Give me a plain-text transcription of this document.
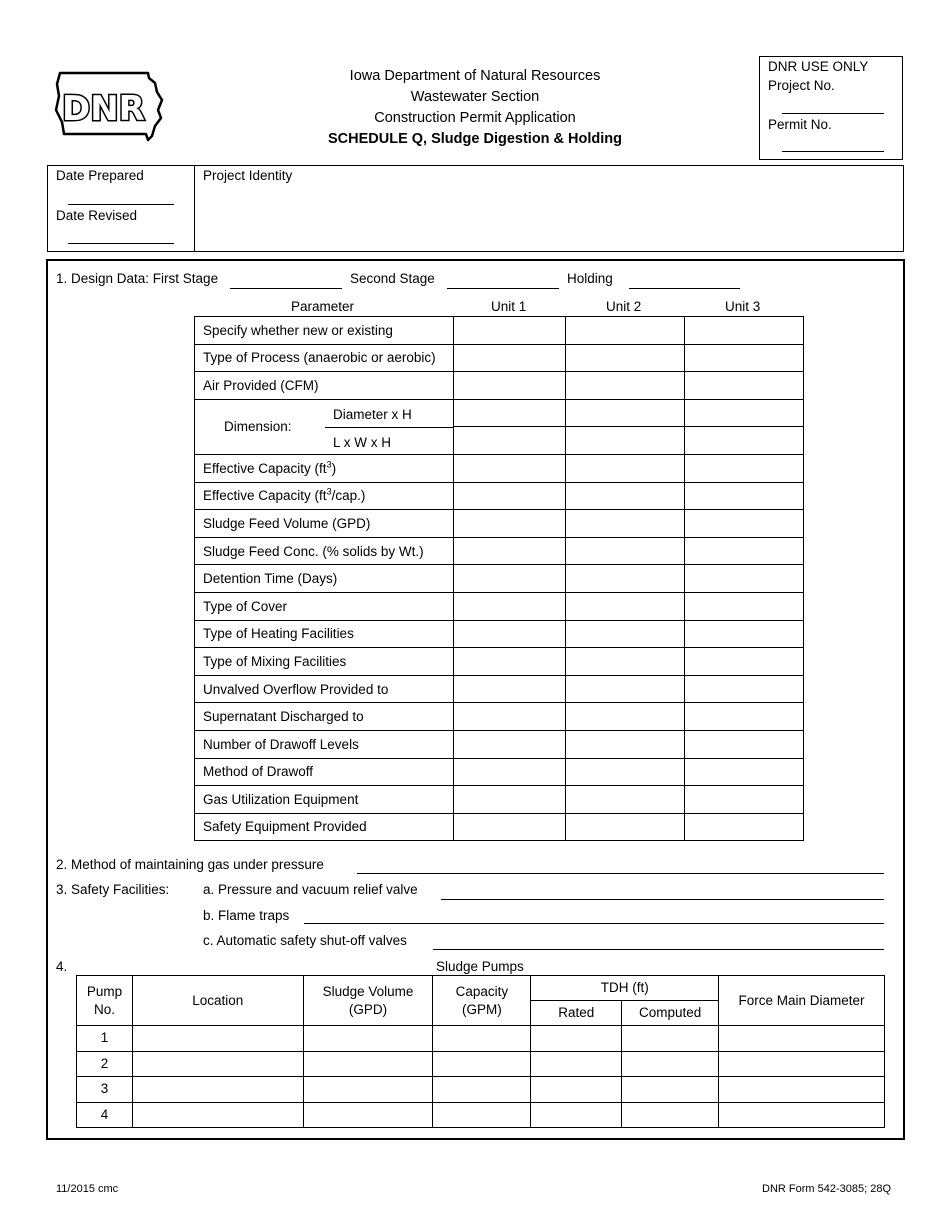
DNR
Iowa Department of Natural Resources
Wastewater Section
Construction Permit Application
SCHEDULE Q, Sludge Digestion & Holding
DNR USE ONLY
Project No.
Permit No.
Date Prepared
Date Revised
Project Identity
1. Design Data: First Stage	Second Stage	Holding
Parameter	Unit 1	Unit 2	Unit 3
Specify whether new or existing			
Type of Process (anaerobic or aerobic)			
Air Provided (CFM)			

Dimension:
Diameter x H
L x W x H			

Effective Capacity $(ft^3)$			
Effective Capacity $(ft^3/cap.)$			
Sludge Feed Volume (GPD)			
Sludge Feed Conc. (% solids by Wt.)			
Detention Time (Days)			
Type of Cover			
Type of Heating Facilities			
Type of Mixing Facilities			
Unvalved Overflow Provided to			
Supernatant Discharged to			
Number of Drawoff Levels			
Method of Drawoff			
Gas Utilization Equipment			
Safety Equipment Provided			
2. Method of maintaining gas under pressure
3. Safety Facilities: a. Pressure and vacuum relief valve
b. Flame traps
c. Automatic safety shut-off valves
4.	Sludge Pumps
Pump No.	Location	Sludge Volume (GPD)	Capacity (GPM)	TDH (ft)		Force Main Diameter
				Rated	Computed	
1						
2						
3						
4						
11/2015 cmc	DNR Form 542-3085; 28Q
